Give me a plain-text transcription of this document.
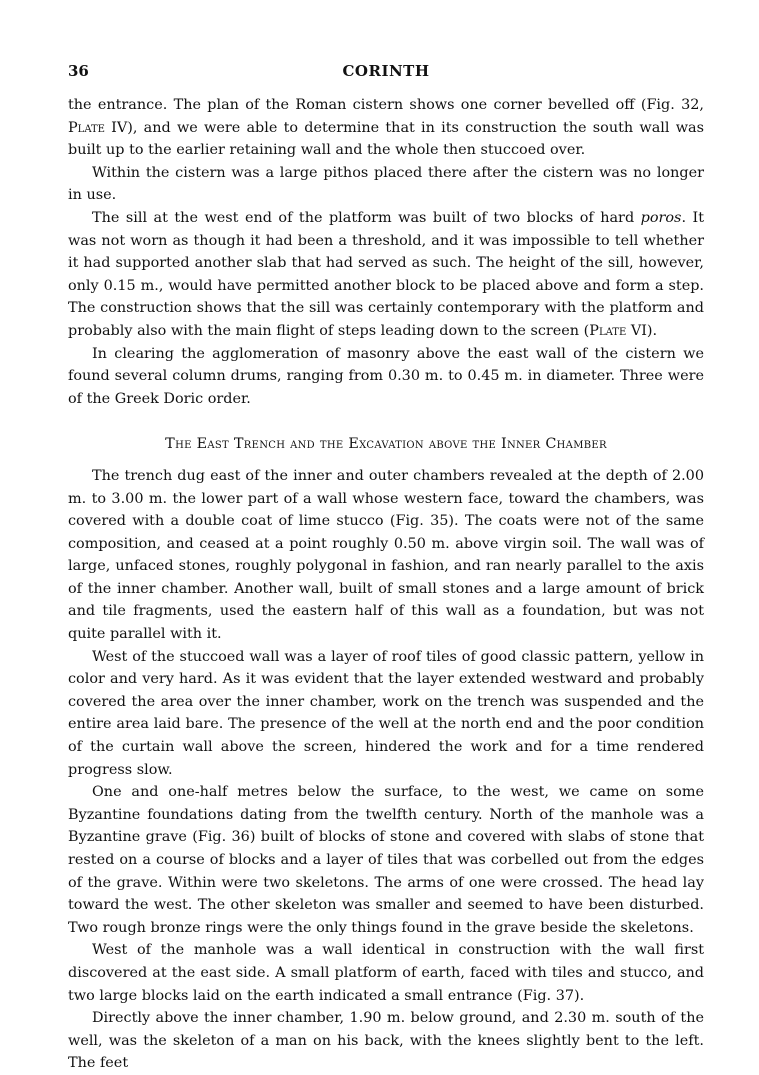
36	CORINTH

the entrance. The plan of the Roman cistern shows one corner bevelled off (Fig. 32, Plate IV), and we were able to determine that in its construction the south wall was built up to the earlier retaining wall and the whole then stuccoed over.

Within the cistern was a large pithos placed there after the cistern was no longer in use.

The sill at the west end of the platform was built of two blocks of hard poros. It was not worn as though it had been a threshold, and it was impossible to tell whether it had supported another slab that had served as such. The height of the sill, however, only 0.15 m., would have permitted another block to be placed above and form a step. The construction shows that the sill was certainly contemporary with the platform and probably also with the main flight of steps leading down to the screen (Plate VI).

In clearing the agglomeration of masonry above the east wall of the cistern we found several column drums, ranging from 0.30 m. to 0.45 m. in diameter. Three were of the Greek Doric order.

The East Trench and the Excavation above the Inner Chamber

The trench dug east of the inner and outer chambers revealed at the depth of 2.00 m. to 3.00 m. the lower part of a wall whose western face, toward the chambers, was covered with a double coat of lime stucco (Fig. 35). The coats were not of the same composition, and ceased at a point roughly 0.50 m. above virgin soil. The wall was of large, unfaced stones, roughly polygonal in fashion, and ran nearly parallel to the axis of the inner chamber. Another wall, built of small stones and a large amount of brick and tile fragments, used the eastern half of this wall as a foundation, but was not quite parallel with it.

West of the stuccoed wall was a layer of roof tiles of good classic pattern, yellow in color and very hard. As it was evident that the layer extended westward and probably covered the area over the inner chamber, work on the trench was suspended and the entire area laid bare. The presence of the well at the north end and the poor condition of the curtain wall above the screen, hindered the work and for a time rendered progress slow.

One and one-half metres below the surface, to the west, we came on some Byzantine foundations dating from the twelfth century. North of the manhole was a Byzantine grave (Fig. 36) built of blocks of stone and covered with slabs of stone that rested on a course of blocks and a layer of tiles that was corbelled out from the edges of the grave. Within were two skeletons. The arms of one were crossed. The head lay toward the west. The other skeleton was smaller and seemed to have been disturbed. Two rough bronze rings were the only things found in the grave beside the skeletons.

West of the manhole was a wall identical in construction with the wall first discovered at the east side. A small platform of earth, faced with tiles and stucco, and two large blocks laid on the earth indicated a small entrance (Fig. 37).

Directly above the inner chamber, 1.90 m. below ground, and 2.30 m. south of the well, was the skeleton of a man on his back, with the knees slightly bent to the left. The feet
